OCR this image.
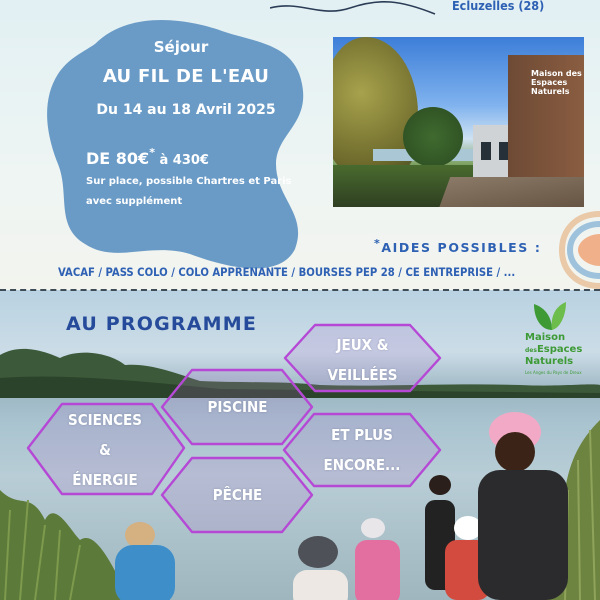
Ecluzelles (28)
Séjour
AU FIL DE L'EAU
Du 14 au 18 Avril 2025
DE 80€* à 430€
Sur place, possible Chartres et Paris
avec supplément
Maison des Espaces Naturels
*AIDES POSSIBLES :
VACAF / PASS COLO / COLO APPRENANTE / BOURSES PEP 28 / CE ENTREPRISE / ...
AU PROGRAMME
Maison
desEspaces
Naturels
Les Anges du Pays de Dreux
JEUX &
VEILLÉES
PISCINE
SCIENCES
&
ÉNERGIE
ET PLUS
ENCORE...
PÊCHE
